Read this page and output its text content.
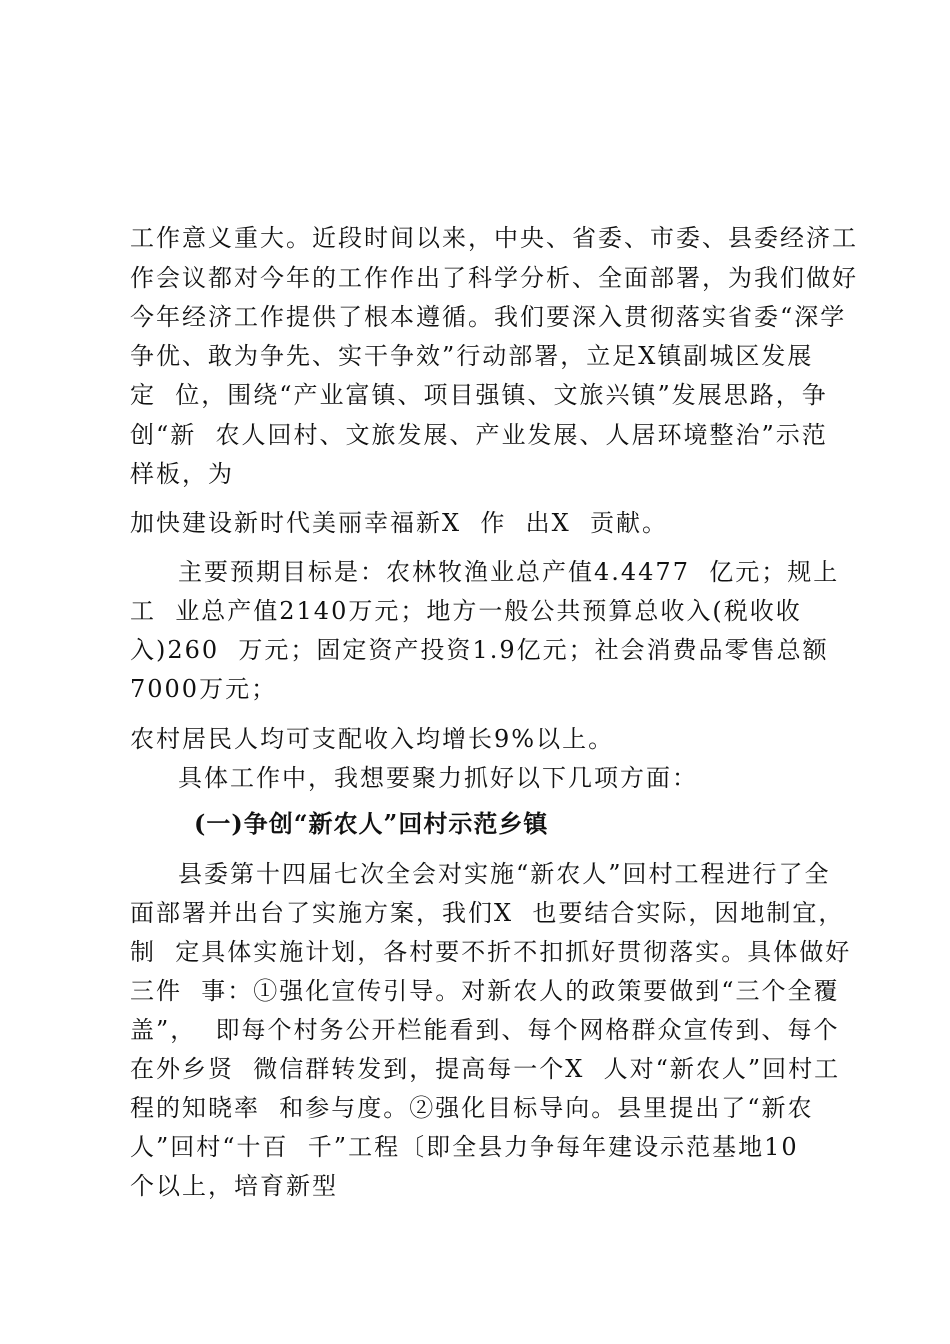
工作意义重大。近段时间以来，中央、省委、市委、县委经济工
作会议都对今年的工作作出了科学分析、全面部署，为我们做好
今年经济工作提供了根本遵循。我们要深入贯彻落实省委“深学
争优、敢为争先、实干争效”行动部署，立足X镇副城区发展
定  位，围绕“产业富镇、项目强镇、文旅兴镇”发展思路，争
创“新  农人回村、文旅发展、产业发展、人居环境整治”示范
样板，为
加快建设新时代美丽幸福新X  作  出X  贡献。
主要预期目标是：农林牧渔业总产值4.4477  亿元；规上
工  业总产值2140万元；地方一般公共预算总收入(税收收
入)260  万元；固定资产投资1.9亿元；社会消费品零售总额
7000万元；
农村居民人均可支配收入均增长9%以上。
具体工作中，我想要聚力抓好以下几项方面：
(一)争创“新农人”回村示范乡镇
县委第十四届七次全会对实施“新农人”回村工程进行了全
面部署并出台了实施方案，我们X  也要结合实际，因地制宜，
制  定具体实施计划，各村要不折不扣抓好贯彻落实。具体做好
三件  事：①强化宣传引导。对新农人的政策要做到“三个全覆
盖”，  即每个村务公开栏能看到、每个网格群众宣传到、每个
在外乡贤  微信群转发到，提高每一个X  人对“新农人”回村工
程的知晓率  和参与度。②强化目标导向。县里提出了“新农
人”回村“十百  千”工程〔即全县力争每年建设示范基地10
个以上，培育新型
